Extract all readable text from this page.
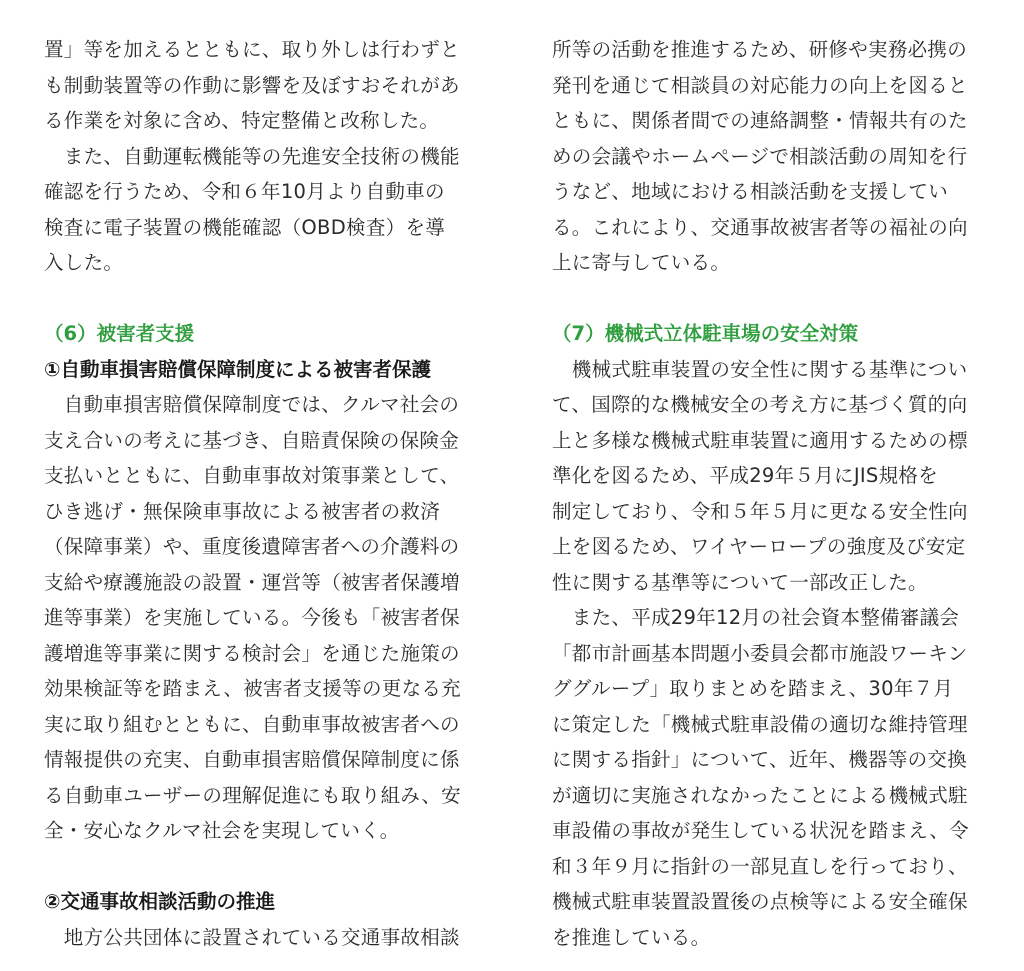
置」等を加えるとともに、取り外しは行わずと
も制動装置等の作動に影響を及ぼすおそれがあ
る作業を対象に含め、特定整備と改称した。
　また、自動運転機能等の先進安全技術の機能
確認を行うため、令和６年10月より自動車の
検査に電子装置の機能確認（OBD検査）を導
入した。
（6）被害者支援
①自動車損害賠償保障制度による被害者保護
　自動車損害賠償保障制度では、クルマ社会の
支え合いの考えに基づき、自賠責保険の保険金
支払いとともに、自動車事故対策事業として、
ひき逃げ・無保険車事故による被害者の救済
（保障事業）や、重度後遺障害者への介護料の
支給や療護施設の設置・運営等（被害者保護増
進等事業）を実施している。今後も「被害者保
護増進等事業に関する検討会」を通じた施策の
効果検証等を踏まえ、被害者支援等の更なる充
実に取り組むとともに、自動車事故被害者への
情報提供の充実、自動車損害賠償保障制度に係
る自動車ユーザーの理解促進にも取り組み、安
全・安心なクルマ社会を実現していく。
②交通事故相談活動の推進
　地方公共団体に設置されている交通事故相談
所等の活動を推進するため、研修や実務必携の
発刊を通じて相談員の対応能力の向上を図ると
ともに、関係者間での連絡調整・情報共有のた
めの会議やホームページで相談活動の周知を行
うなど、地域における相談活動を支援してい
る。これにより、交通事故被害者等の福祉の向
上に寄与している。
（7）機械式立体駐車場の安全対策
　機械式駐車装置の安全性に関する基準につい
て、国際的な機械安全の考え方に基づく質的向
上と多様な機械式駐車装置に適用するための標
準化を図るため、平成29年５月にJIS規格を
制定しており、令和５年５月に更なる安全性向
上を図るため、ワイヤーロープの強度及び安定
性に関する基準等について一部改正した。
　また、平成29年12月の社会資本整備審議会
「都市計画基本問題小委員会都市施設ワーキン
ググループ」取りまとめを踏まえ、30年７月
に策定した「機械式駐車設備の適切な維持管理
に関する指針」について、近年、機器等の交換
が適切に実施されなかったことによる機械式駐
車設備の事故が発生している状況を踏まえ、令
和３年９月に指針の一部見直しを行っており、
機械式駐車装置設置後の点検等による安全確保
を推進している。
